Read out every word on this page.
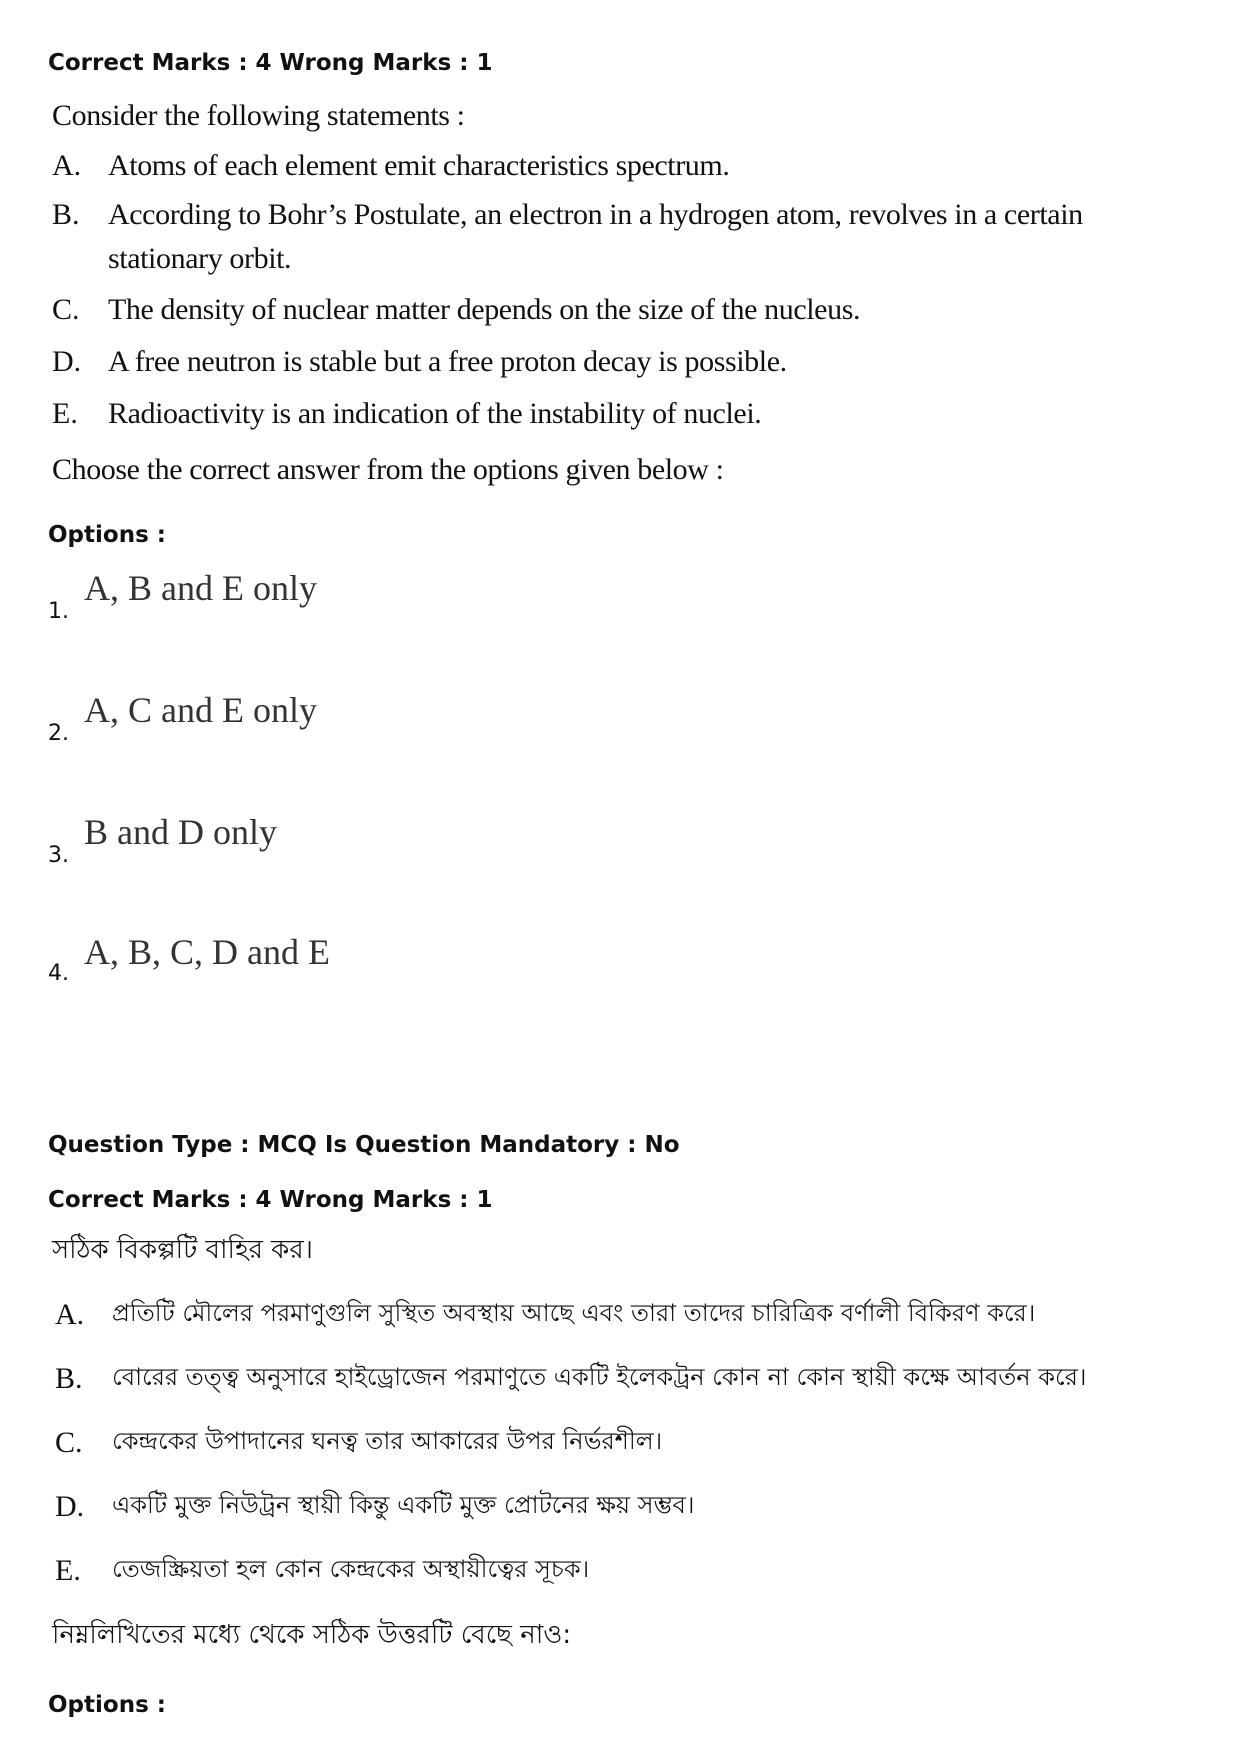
Correct Marks : 4 Wrong Marks : 1
Consider the following statements :
A. Atoms of each element emit characteristics spectrum.
B. According to Bohr’s Postulate, an electron in a hydrogen atom, revolves in a certain
stationary orbit.
C. The density of nuclear matter depends on the size of the nucleus.
D. A free neutron is stable but a free proton decay is possible.
E. Radioactivity is an indication of the instability of nuclei.
Choose the correct answer from the options given below :
Options :
1.
A, B and E only
2.
A, C and E only
3.
B and D only
4.
A, B, C, D and E
Question Type : MCQ Is Question Mandatory : No
Correct Marks : 4 Wrong Marks : 1
সঠিক বিকল্পটি বাহির কর।
A. প্রতিটি মৌলের পরমাণুগুলি সুস্থিত অবস্থায় আছে এবং তারা তাদের চারিত্রিক বর্ণালী বিকিরণ করে।
B. বোরের তত্ত্ব অনুসারে হাইড্রোজেন পরমাণুতে একটি ইলেকট্রন কোন না কোন স্থায়ী কক্ষে আবর্তন করে।
C. কেন্দ্রকের উপাদানের ঘনত্ব তার আকারের উপর নির্ভরশীল।
D. একটি মুক্ত নিউট্রন স্থায়ী কিন্তু একটি মুক্ত প্রোটনের ক্ষয় সম্ভব।
E. তেজস্ক্রিয়তা হল কোন কেন্দ্রকের অস্থায়ীত্বের সূচক।
নিম্নলিখিতের মধ্যে থেকে সঠিক উত্তরটি বেছে নাও:
Options :
